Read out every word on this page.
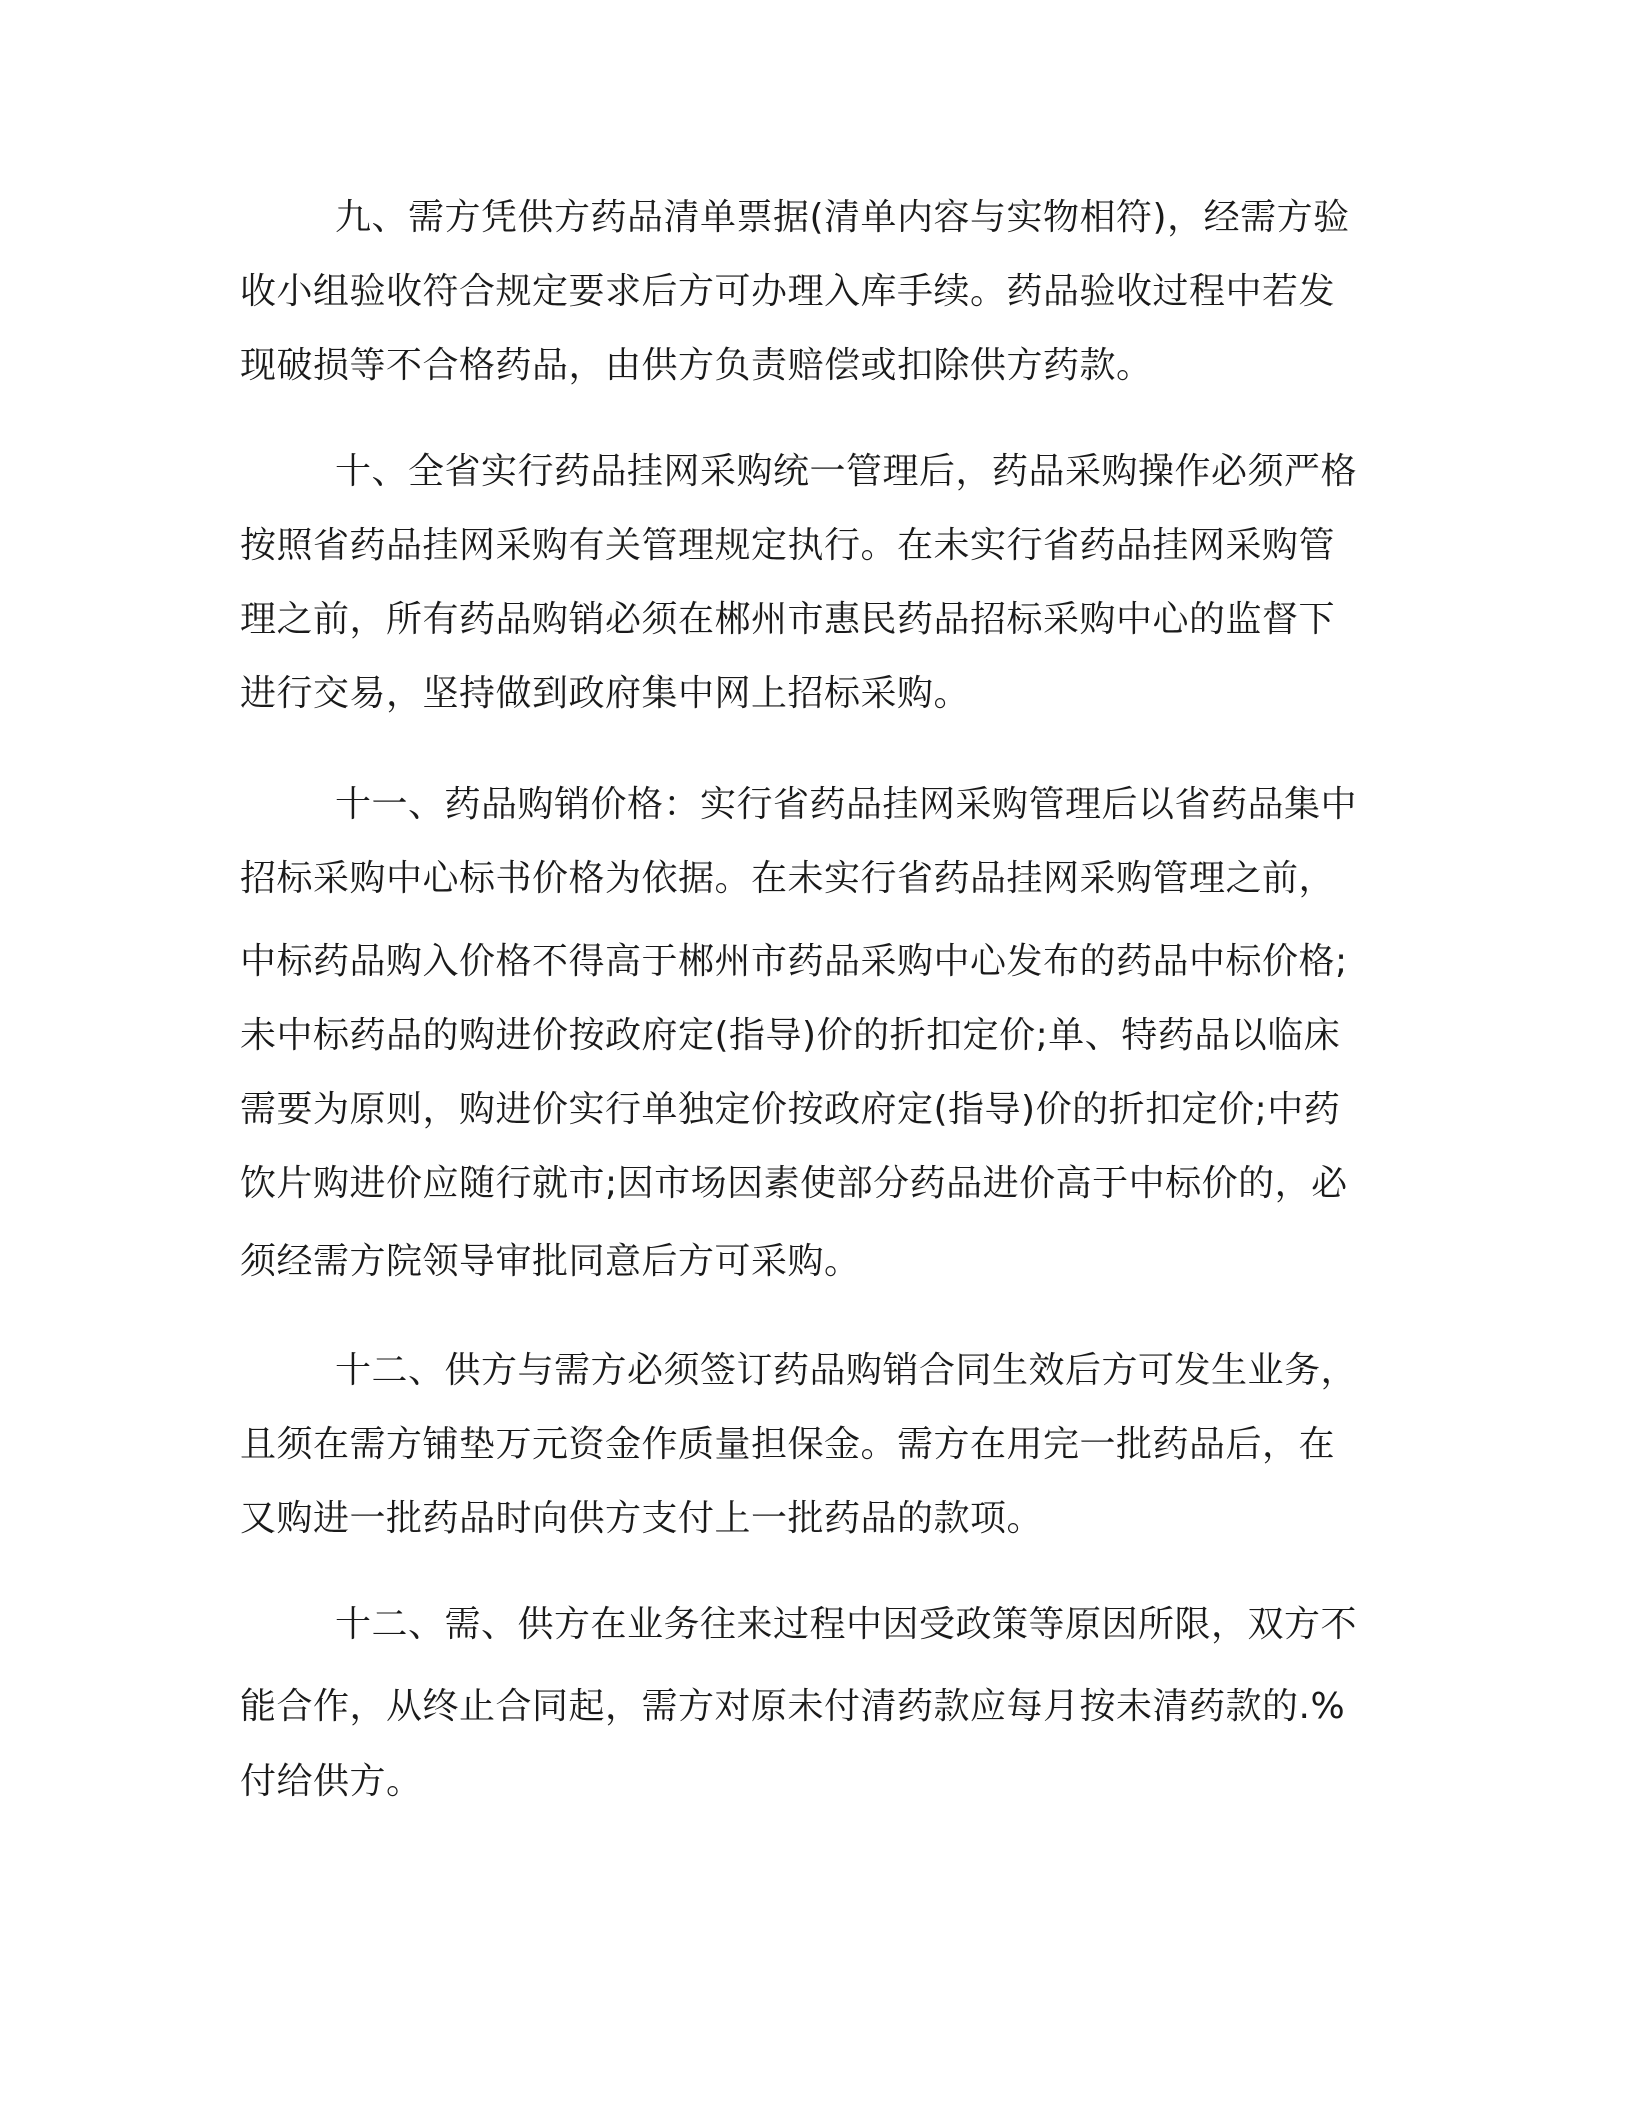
九、需方凭供方药品清单票据(清单内容与实物相符)，经需方验
收小组验收符合规定要求后方可办理入库手续。药品验收过程中若发
现破损等不合格药品，由供方负责赔偿或扣除供方药款。
十、全省实行药品挂网采购统一管理后，药品采购操作必须严格
按照省药品挂网采购有关管理规定执行。在未实行省药品挂网采购管
理之前，所有药品购销必须在郴州市惠民药品招标采购中心的监督下
进行交易，坚持做到政府集中网上招标采购。
十一、药品购销价格：实行省药品挂网采购管理后以省药品集中
招标采购中心标书价格为依据。在未实行省药品挂网采购管理之前，
中标药品购入价格不得高于郴州市药品采购中心发布的药品中标价格;
未中标药品的购进价按政府定(指导)价的折扣定价;单、特药品以临床
需要为原则，购进价实行单独定价按政府定(指导)价的折扣定价;中药
饮片购进价应随行就市;因市场因素使部分药品进价高于中标价的，必
须经需方院领导审批同意后方可采购。
十二、供方与需方必须签订药品购销合同生效后方可发生业务，
且须在需方铺垫万元资金作质量担保金。需方在用完一批药品后，在
又购进一批药品时向供方支付上一批药品的款项。
十二、需、供方在业务往来过程中因受政策等原因所限，双方不
能合作，从终止合同起，需方对原未付清药款应每月按未清药款的.%
付给供方。
